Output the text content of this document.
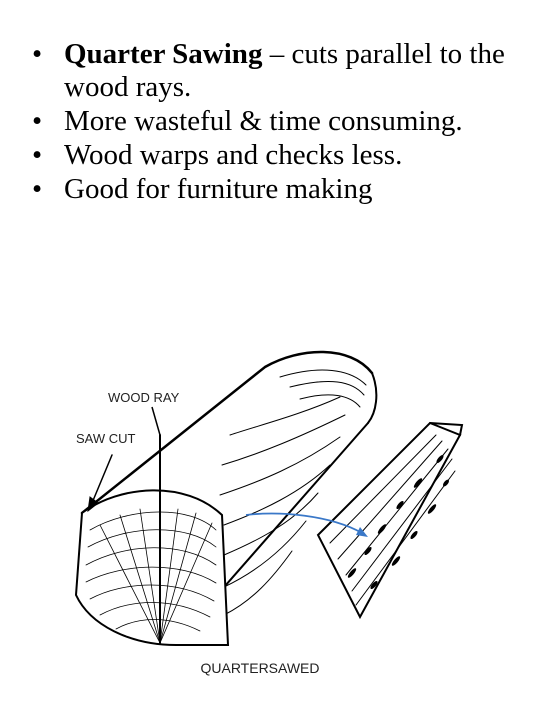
• Quarter Sawing – cuts parallel to the wood rays.
• More wasteful & time consuming.
• Wood warps and checks less.
• Good for furniture making
WOOD RAY
SAW CUT
QUARTERSAWED
